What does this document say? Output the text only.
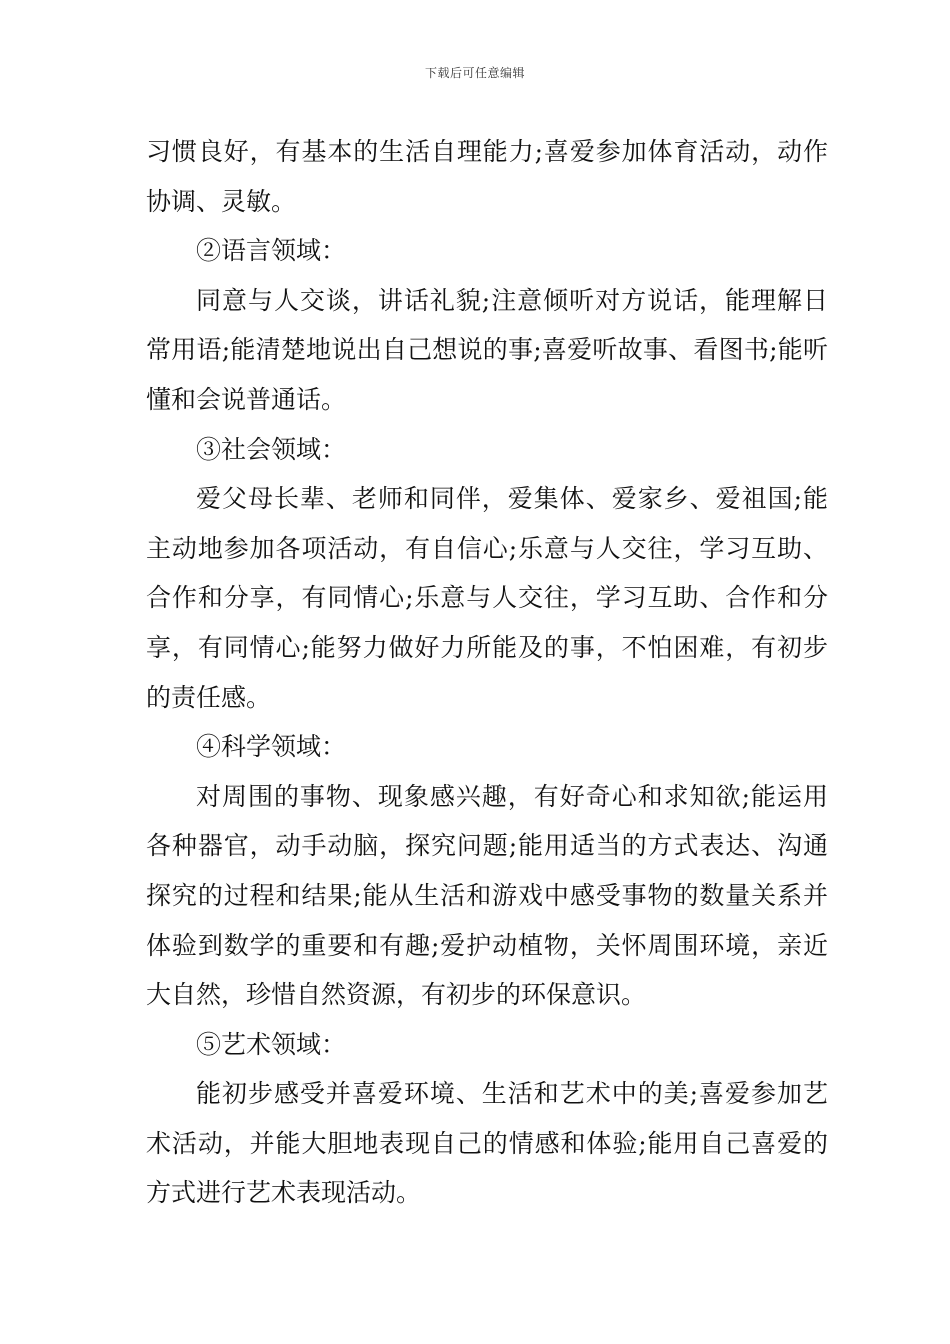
下载后可任意编辑

习惯良好，有基本的生活自理能力;喜爱参加体育活动，动作协调、灵敏。

②语言领域：

同意与人交谈，讲话礼貌;注意倾听对方说话，能理解日常用语;能清楚地说出自己想说的事;喜爱听故事、看图书;能听懂和会说普通话。

③社会领域：

爱父母长辈、老师和同伴，爱集体、爱家乡、爱祖国;能主动地参加各项活动，有自信心;乐意与人交往，学习互助、合作和分享，有同情心;乐意与人交往，学习互助、合作和分享，有同情心;能努力做好力所能及的事，不怕困难，有初步的责任感。

④科学领域：

对周围的事物、现象感兴趣，有好奇心和求知欲;能运用各种器官，动手动脑，探究问题;能用适当的方式表达、沟通探究的过程和结果;能从生活和游戏中感受事物的数量关系并体验到数学的重要和有趣;爱护动植物，关怀周围环境，亲近大自然，珍惜自然资源，有初步的环保意识。

⑤艺术领域：

能初步感受并喜爱环境、生活和艺术中的美;喜爱参加艺术活动，并能大胆地表现自己的情感和体验;能用自己喜爱的方式进行艺术表现活动。
